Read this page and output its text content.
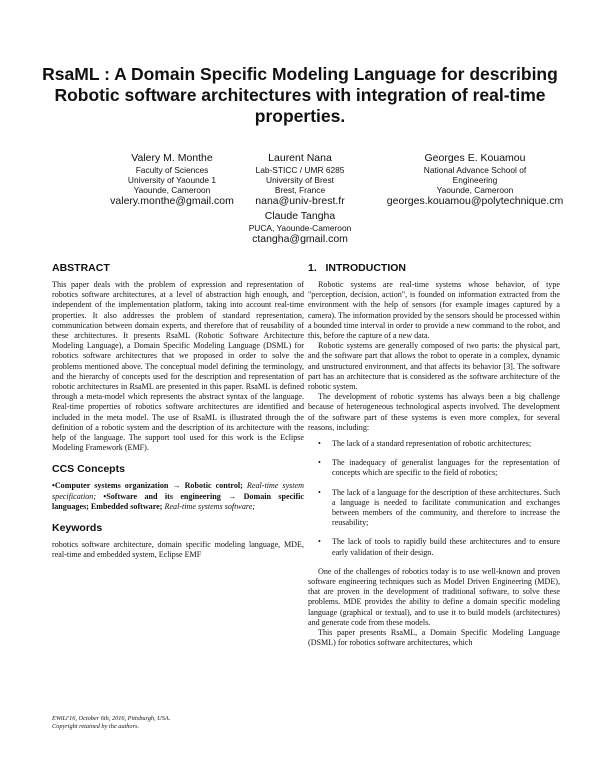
RsaML : A Domain Specific Modeling Language for describing Robotic software architectures with integration of real-time properties.
Valery M. Monthe
Faculty of Sciences
University of Yaounde 1
Yaounde, Cameroon
valery.monthe@gmail.com
Laurent Nana
Lab-STICC / UMR 6285
University of Brest
Brest, France
nana@univ-brest.fr
Georges E. Kouamou
National Advance School of
Engineering
Yaounde, Cameroon
georges.kouamou@polytechnique.cm
Claude Tangha
PUCA, Yaounde-Cameroon
ctangha@gmail.com
ABSTRACT

This paper deals with the problem of expression and representation of robotics software architectures, at a level of abstraction high enough, and independent of the implementation platform, taking into account real-time properties. It also addresses the problem of standard representation, communication between domain experts, and therefore that of reusability of these architectures. It presents RsaML (Robotic Software Architecture Modeling Language), a Domain Specific Modeling Language (DSML) for robotics software architectures that we proposed in order to solve the problems mentioned above. The conceptual model defining the terminology, and the hierarchy of concepts used for the description and representation of robotic architectures in RsaML are presented in this paper. RsaML is defined through a meta-model which represents the abstract syntax of the language. Real-time properties of robotics software architectures are identified and included in the meta model. The use of RsaML is illustrated through the definition of a robotic system and the description of its architecture with the help of the language. The support tool used for this work is the Eclipse Modeling Framework (EMF).

CCS Concepts

•Computer systems organization → Robotic control; Real-time system specification; •Software and its engineering → Domain specific languages; Embedded software; Real-time systems software;

Keywords

robotics software architecture, domain specific modeling language, MDE, real-time and embedded system, Eclipse EMF

EWiLi'16, October 6th, 2016, Pittsburgh, USA.
Copyright retained by the authors.
1.   INTRODUCTION

Robotic systems are real-time systems whose behavior, of type "perception, decision, action", is founded on information extracted from the environment with the help of sensors (for example images captured by a camera). The information provided by the sensors should be processed within a bounded time interval in order to provide a new command to the robot, and this, before the capture of a new data.

Robotic systems are generally composed of two parts: the physical part, and the software part that allows the robot to operate in a complex, dynamic and unstructured environment, and that affects its behavior [3]. The software part has an architecture that is considered as the software architecture of the robotic system.

The development of robotic systems has always been a big challenge because of heterogeneous technological aspects involved. The development of the software part of these systems is even more complex, for several reasons, including:

• The lack of a standard representation of robotic architectures;
• The inadequacy of generalist languages for the representation of concepts which are specific to the field of robotics;
• The lack of a language for the description of these architectures. Such a language is needed to facilitate communication and exchanges between members of the community, and therefore to increase the reusability;
• The lack of tools to rapidly build these architectures and to ensure early validation of their design.

One of the challenges of robotics today is to use well-known and proven software engineering techniques such as Model Driven Engineering (MDE), that are proven in the development of traditional software, to solve these problems. MDE provides the ability to define a domain specific modeling language (graphical or textual), and to use it to build models (architectures) and generate code from these models.

This paper presents RsaML, a Domain Specific Modeling Language (DSML) for robotics software architectures, which
